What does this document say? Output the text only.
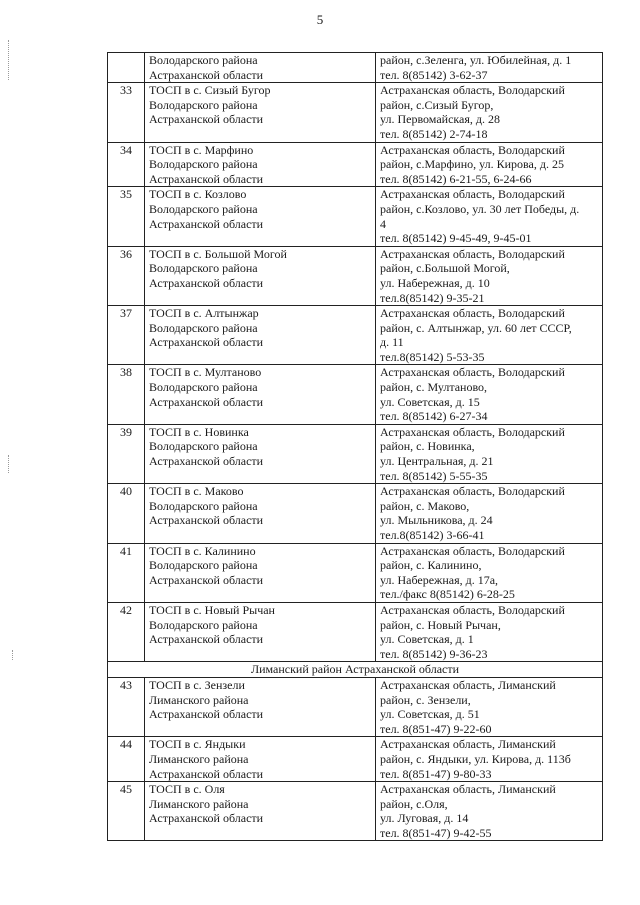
5
	Володарского района
Астраханской области	район, с.Зеленга, ул. Юбилейная, д. 1
тел. 8(85142) 3-62-37
33	ТОСП в с. Сизый Бугор
Володарского района
Астраханской области	Астраханская область, Володарский
район, с.Сизый Бугор,
ул. Первомайская, д. 28
тел. 8(85142) 2-74-18
34	ТОСП в с. Марфино
Володарского района
Астраханской области	Астраханская область, Володарский
район, с.Марфино, ул. Кирова, д. 25
тел. 8(85142) 6-21-55, 6-24-66
35	ТОСП в с. Козлово
Володарского района
Астраханской области	Астраханская область, Володарский
район, с.Козлово, ул. 30 лет Победы, д.
4
тел. 8(85142) 9-45-49, 9-45-01
36	ТОСП в с. Большой Могой
Володарского района
Астраханской области	Астраханская область, Володарский
район, с.Большой Могой,
ул. Набережная, д. 10
тел.8(85142) 9-35-21
37	ТОСП в с. Алтынжар
Володарского района
Астраханской области	Астраханская область, Володарский
район, с. Алтынжар, ул. 60 лет СССР,
д. 11
тел.8(85142) 5-53-35
38	ТОСП в с. Мултаново
Володарского района
Астраханской области	Астраханская область, Володарский
район, с. Мултаново,
ул. Советская, д. 15
тел. 8(85142) 6-27-34
39	ТОСП в с. Новинка
Володарского района
Астраханской области	Астраханская область, Володарский
район, с. Новинка,
ул. Центральная, д. 21
тел. 8(85142) 5-55-35
40	ТОСП в с. Маково
Володарского района
Астраханской области	Астраханская область, Володарский
район, с. Маково,
ул. Мыльникова, д. 24
тел.8(85142) 3-66-41
41	ТОСП в с. Калинино
Володарского района
Астраханской области	Астраханская область, Володарский
район, с. Калинино,
ул. Набережная, д. 17а,
тел./факс 8(85142) 6-28-25
42	ТОСП в с. Новый Рычан
Володарского района
Астраханской области	Астраханская область, Володарский
район, с. Новый Рычан,
ул. Советская, д. 1
тел. 8(85142) 9-36-23
Лиманский район Астраханской области		
43	ТОСП в с. Зензели
Лиманского района
Астраханской области	Астраханская область, Лиманский
район, с. Зензели,
ул. Советская, д. 51
тел. 8(851-47) 9-22-60
44	ТОСП в с. Яндыки
Лиманского района
Астраханской области	Астраханская область, Лиманский
район, с. Яндыки, ул. Кирова, д. 113б
тел. 8(851-47) 9-80-33
45	ТОСП в с. Оля
Лиманского района
Астраханской области	Астраханская область, Лиманский
район, с.Оля,
ул. Луговая, д. 14
тел. 8(851-47) 9-42-55
